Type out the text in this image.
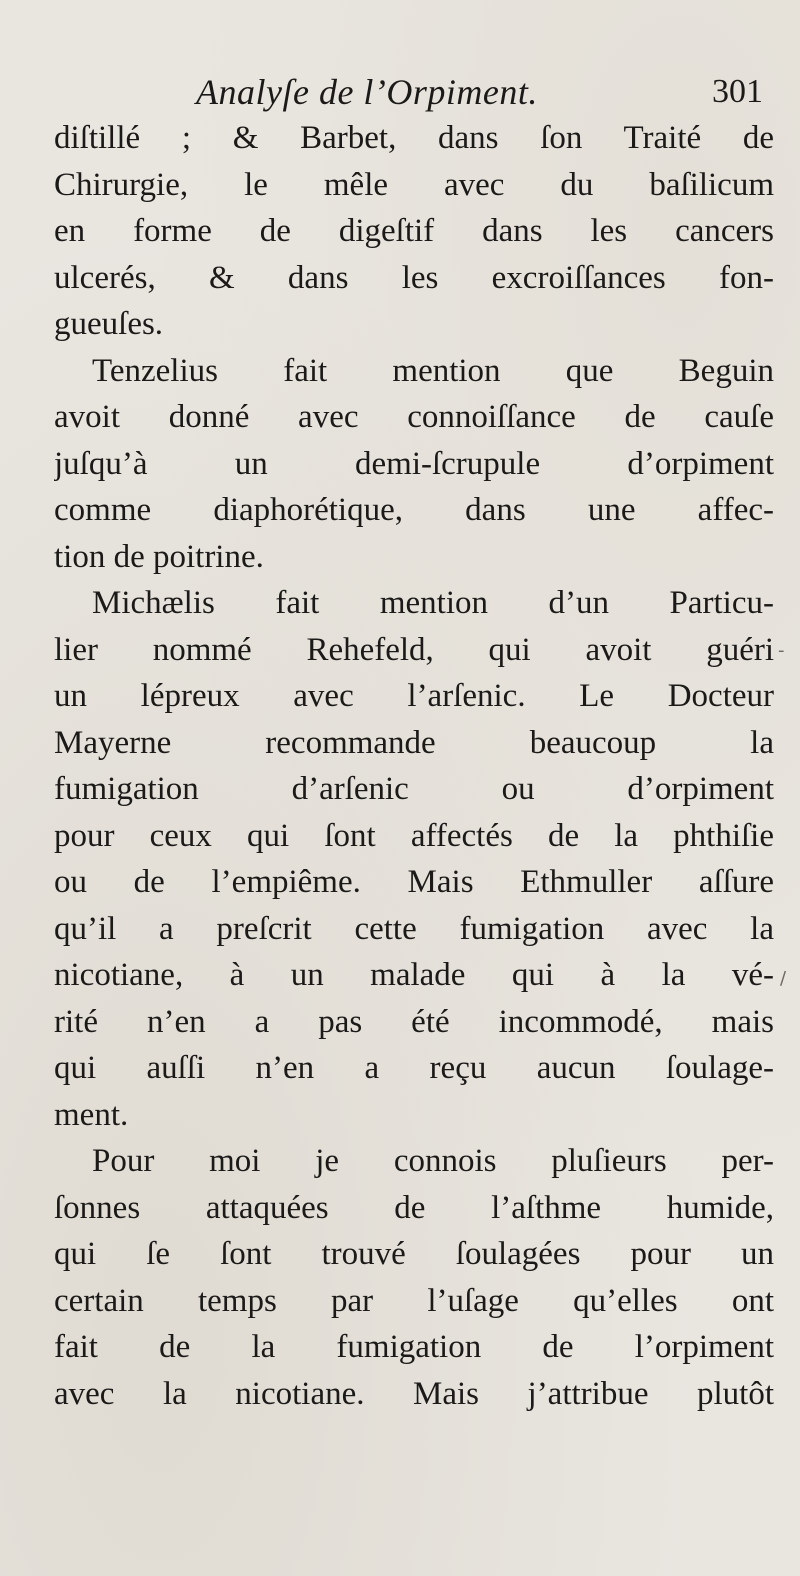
Analyſe de l’Orpiment.	301
diſtillé ; & Barbet, dans ſon Traité de
Chirurgie, le mêle avec du baſilicum
en forme de digeſtif dans les cancers
ulcerés, & dans les excroiſſances fon-
gueuſes.
Tenzelius fait mention que Beguin
avoit donné avec connoiſſance de cauſe
juſqu’à un demi-ſcrupule d’orpiment
comme diaphorétique, dans une affec-
tion de poitrine.
Michælis fait mention d’un Particu-
lier nommé Rehefeld, qui avoit guéri
un lépreux avec l’arſenic. Le Docteur
Mayerne recommande beaucoup la
fumigation d’arſenic ou d’orpiment
pour ceux qui ſont affectés de la phthiſie
ou de l’empiême. Mais Ethmuller aſſure
qu’il a preſcrit cette fumigation avec la
nicotiane, à un malade qui à la vé-
rité n’en a pas été incommodé, mais
qui auſſi n’en a reçu aucun ſoulage-
ment.
Pour moi je connois pluſieurs per-
ſonnes attaquées de l’aſthme humide,
qui ſe ſont trouvé ſoulagées pour un
certain temps par l’uſage qu’elles ont
fait de la fumigation de l’orpiment
avec la nicotiane. Mais j’attribue plutôt
‐
/
